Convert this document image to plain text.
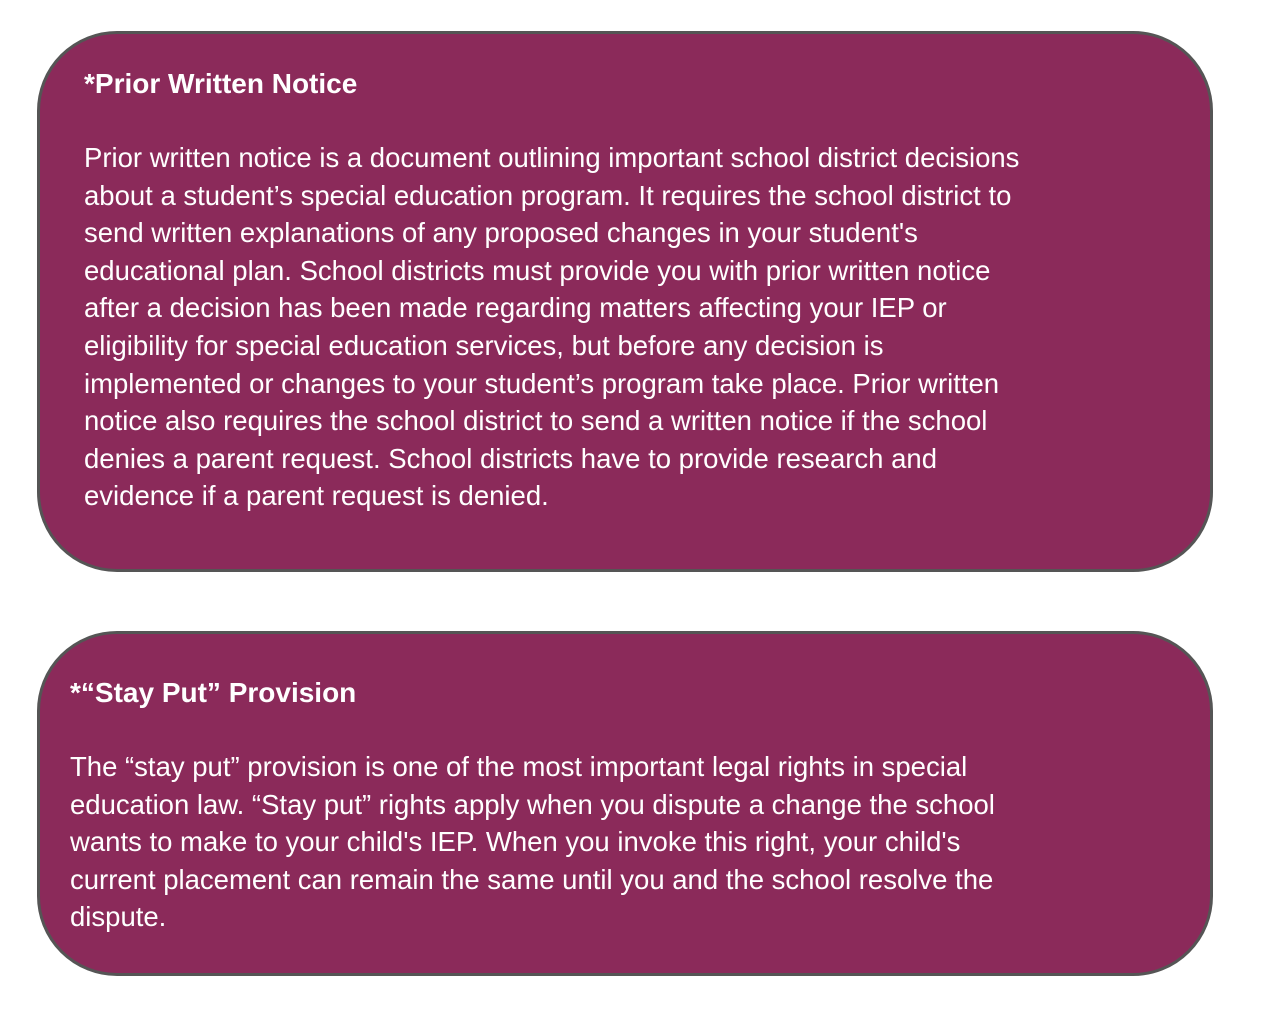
*Prior Written Notice
Prior written notice is a document outlining important school district decisions
about a student’s special education program. It requires the school district to
send written explanations of any proposed changes in your student's
educational plan. School districts must provide you with prior written notice
after a decision has been made regarding matters affecting your IEP or
eligibility for special education services, but before any decision is
implemented or changes to your student’s program take place. Prior written
notice also requires the school district to send a written notice if the school
denies a parent request. School districts have to provide research and
evidence if a parent request is denied.
*“Stay Put” Provision
The “stay put” provision is one of the most important legal rights in special
education law. “Stay put” rights apply when you dispute a change the school
wants to make to your child's IEP. When you invoke this right, your child's
current placement can remain the same until you and the school resolve the
dispute.
